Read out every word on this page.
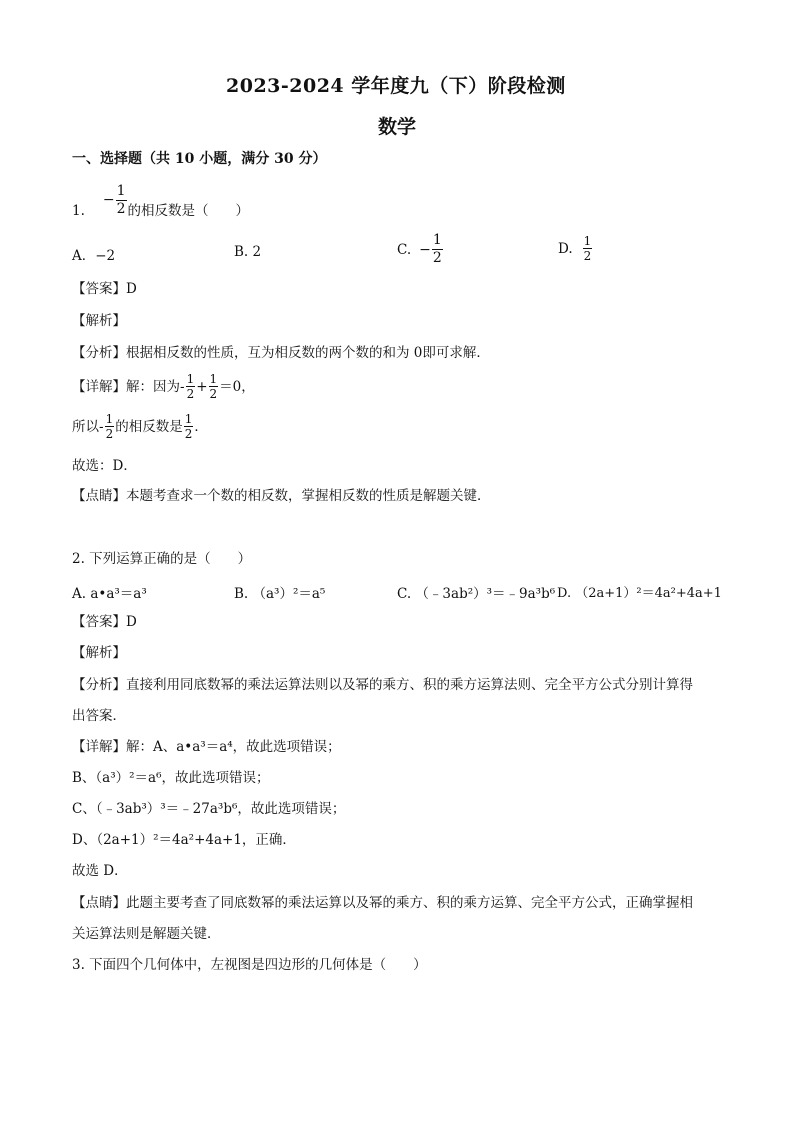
2023-2024 学年度九（下）阶段检测
数学
一、选择题（共 10 小题，满分 30 分）
1.
− $\frac{1}{2}$ 的相反数是（　　）
A．−2	B. 2	C. − $\frac{1}{2}$	D. $\frac{1}{2}$
【答案】D
【解析】
【分析】根据相反数的性质，互为相反数的两个数的和为 0即可求解．
【详解】解：因为- $\frac{1}{2} + \frac{1}{2} =0$，
所以- $\frac{1}{2}$ 的相反数是 $\frac{1}{2}$ ．
故选：D．
【点睛】本题考查求一个数的相反数，掌握相反数的性质是解题关键．
2. 下列运算正确的是（　　）
A. a•a³＝a³	B. （a³）²＝a⁵	C. （﹣3ab²）³＝﹣9a³b⁶ D. （2a+1）²＝4a²+4a+1
【答案】D
【解析】
【分析】直接利用同底数幂的乘法运算法则以及幂的乘方、积的乘方运算法则、完全平方公式分别计算得
出答案．
【详解】解：A、a•a³＝a⁴，故此选项错误；
B、（a³）²＝a⁶，故此选项错误；
C、（﹣3ab³）³＝﹣27a³b⁶，故此选项错误；
D、（2a+1）²＝4a²+4a+1，正确．
故选 D．
【点睛】此题主要考查了同底数幂的乘法运算以及幂的乘方、积的乘方运算、完全平方公式，正确掌握相
关运算法则是解题关键．
3. 下面四个几何体中，左视图是四边形的几何体是（　　）
